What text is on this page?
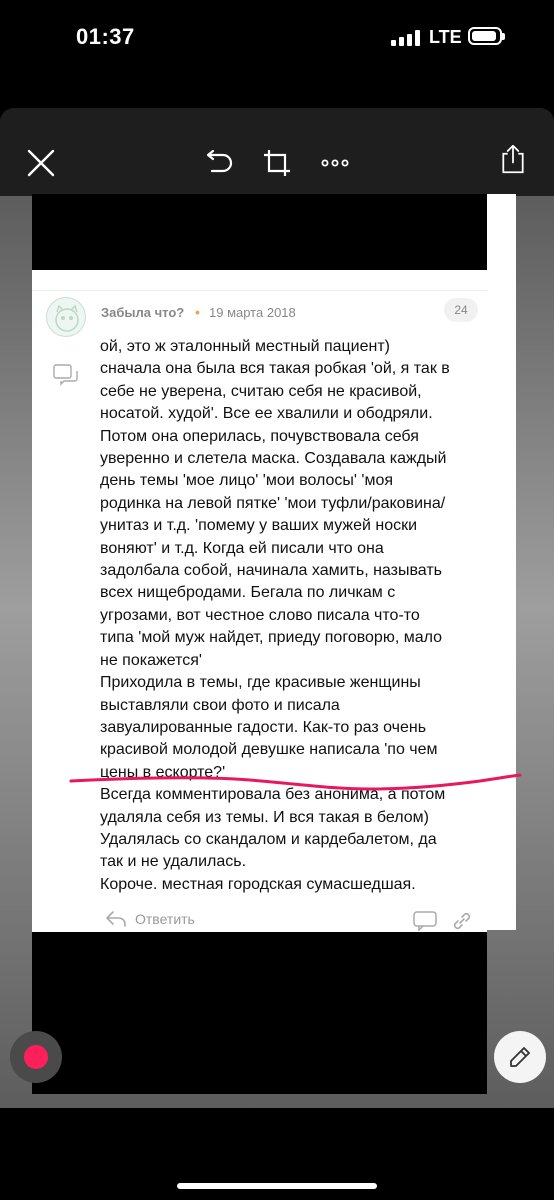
01:37	LTE
Забыла что? • 19 марта 2018	24
ой, это ж эталонный местный пациент)
сначала она была вся такая робкая 'ой, я так в
себе не уверена, считаю себя не красивой,
носатой. худой'. Все ее хвалили и ободряли.
Потом она оперилась, почувствовала себя
уверенно и слетела маска. Создавала каждый
день темы 'мое лицо' 'мои волосы' 'моя
родинка на левой пятке' 'мои туфли/раковина/
унитаз и т.д. 'помему у ваших мужей носки
воняют' и т.д. Когда ей писали что она
задолбала собой, начинала хамить, называть
всех нищебродами. Бегала по личкам с
угрозами, вот честное слово писала что-то
типа 'мой муж найдет, приеду поговорю, мало
не покажется'
Приходила в темы, где красивые женщины
выставляли свои фото и писала
завуалированные гадости. Как-то раз очень
красивой молодой девушке написала 'по чем
цены в ескорте?'
Всегда комментировала без анонима, а потом
удаляла себя из темы. И вся такая в белом)
Удалялась со скандалом и кардебалетом, да
так и не удалилась.
Короче. местная городская сумасшедшая.
Ответить
